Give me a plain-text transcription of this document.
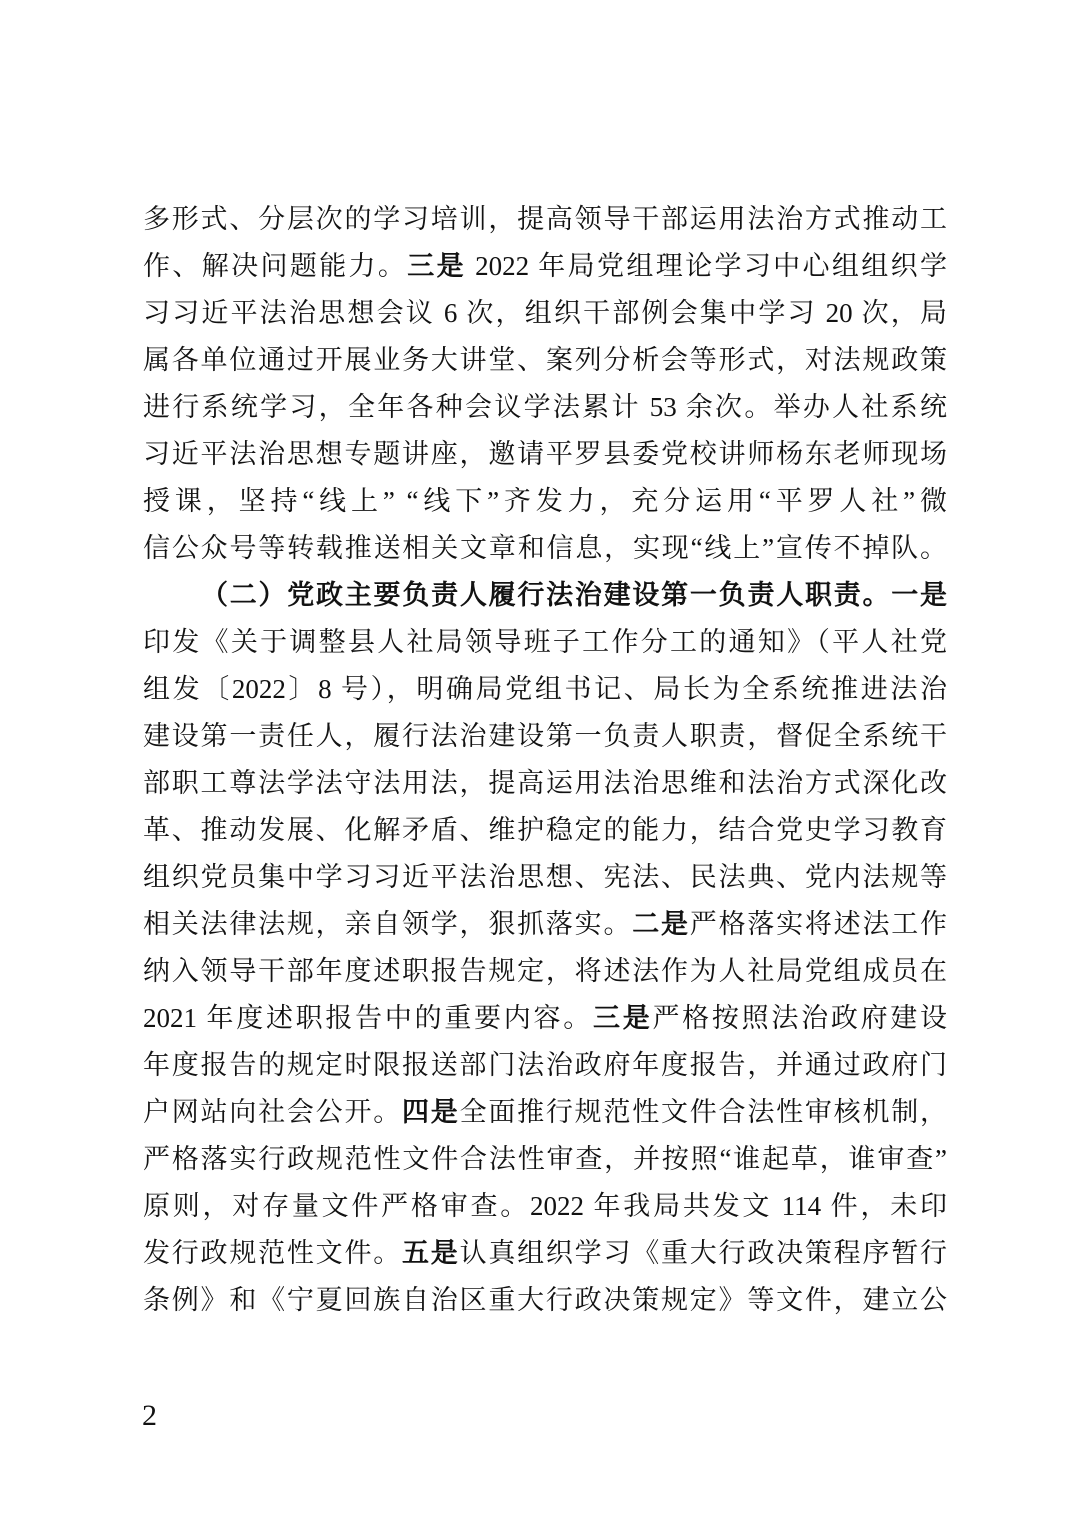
多形式、分层次的学习培训，提高领导干部运用法治方式推动工
作、解决问题能力。三是 2022 年局党组理论学习中心组组织学
习习近平法治思想会议 6 次，组织干部例会集中学习 20 次，局
属各单位通过开展业务大讲堂、案列分析会等形式，对法规政策
进行系统学习，全年各种会议学法累计 53 余次。举办人社系统
习近平法治思想专题讲座，邀请平罗县委党校讲师杨东老师现场
授课，坚持“线上” “线下”齐发力，充分运用“平罗人社”微
信公众号等转载推送相关文章和信息，实现“线上”宣传不掉队。
（二）党政主要负责人履行法治建设第一负责人职责。一是
印发《关于调整县人社局领导班子工作分工的通知》（平人社党
组发〔2022〕8 号），明确局党组书记、局长为全系统推进法治
建设第一责任人，履行法治建设第一负责人职责，督促全系统干
部职工尊法学法守法用法，提高运用法治思维和法治方式深化改
革、推动发展、化解矛盾、维护稳定的能力，结合党史学习教育
组织党员集中学习习近平法治思想、宪法、民法典、党内法规等
相关法律法规，亲自领学，狠抓落实。二是严格落实将述法工作
纳入领导干部年度述职报告规定，将述法作为人社局党组成员在
2021 年度述职报告中的重要内容。三是严格按照法治政府建设
年度报告的规定时限报送部门法治政府年度报告，并通过政府门
户网站向社会公开。四是全面推行规范性文件合法性审核机制，
严格落实行政规范性文件合法性审查，并按照“谁起草，谁审查”
原则，对存量文件严格审查。2022 年我局共发文 114 件，未印
发行政规范性文件。五是认真组织学习《重大行政决策程序暂行
条例》和《宁夏回族自治区重大行政决策规定》等文件，建立公
2
